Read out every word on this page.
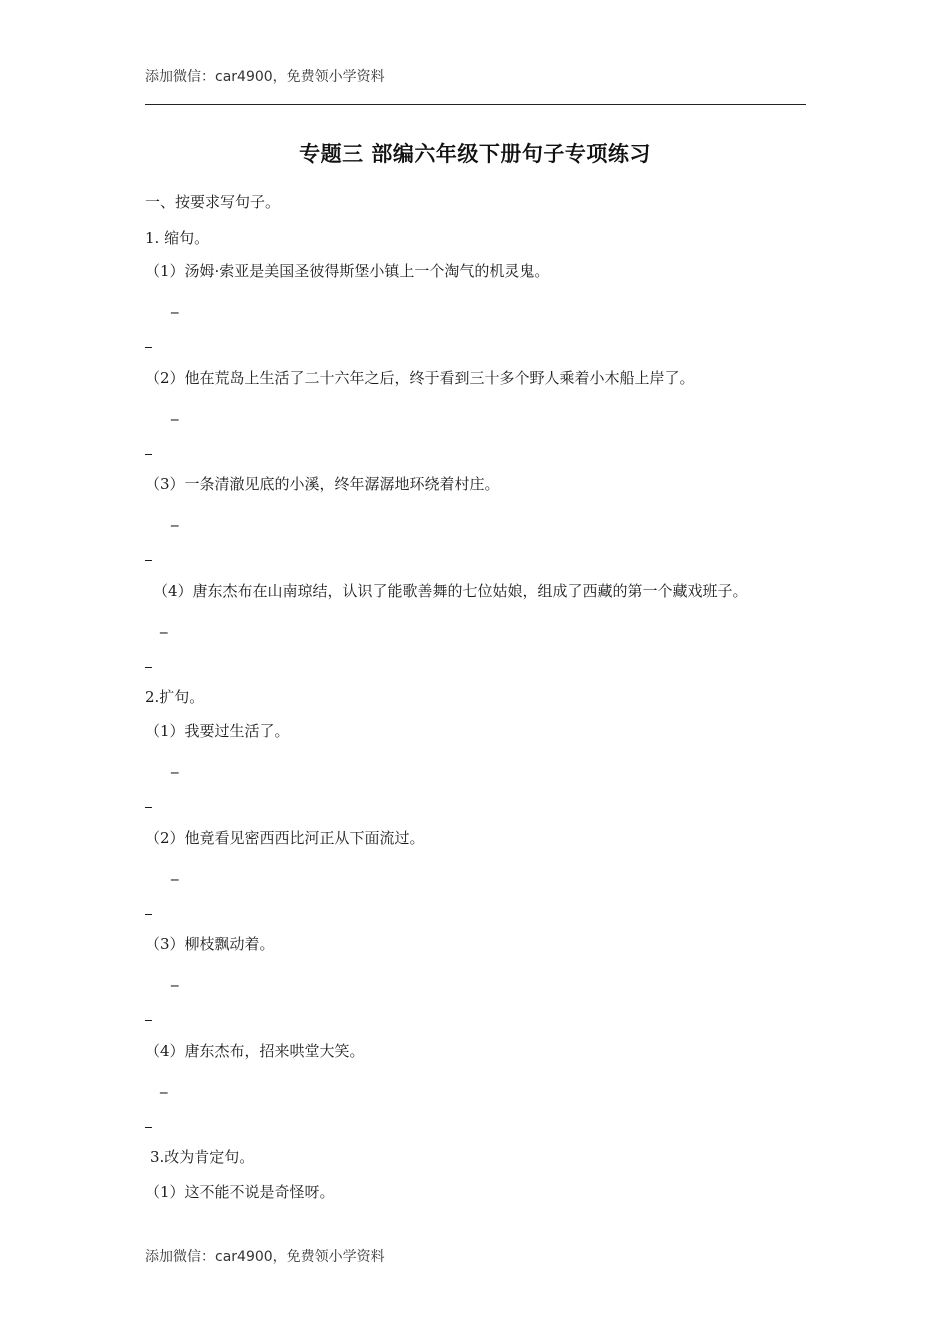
添加微信：car4900，免费领小学资料
专题三 部编六年级下册句子专项练习
一、按要求写句子。
1. 缩句。
（1）汤姆·索亚是美国圣彼得斯堡小镇上一个淘气的机灵鬼。
_
（2）他在荒岛上生活了二十六年之后，终于看到三十多个野人乘着小木船上岸了。
_
（3）一条清澈见底的小溪，终年潺潺地环绕着村庄。
_
（4）唐东杰布在山南琼结，认识了能歌善舞的七位姑娘，组成了西藏的第一个藏戏班子。
_
2.扩句。
（1）我要过生活了。
_
（2）他竟看见密西西比河正从下面流过。
_
（3）柳枝飘动着。
_
（4）唐东杰布，招来哄堂大笑。
_
3.改为肯定句。
（1）这不能不说是奇怪呀。
添加微信：car4900，免费领小学资料
